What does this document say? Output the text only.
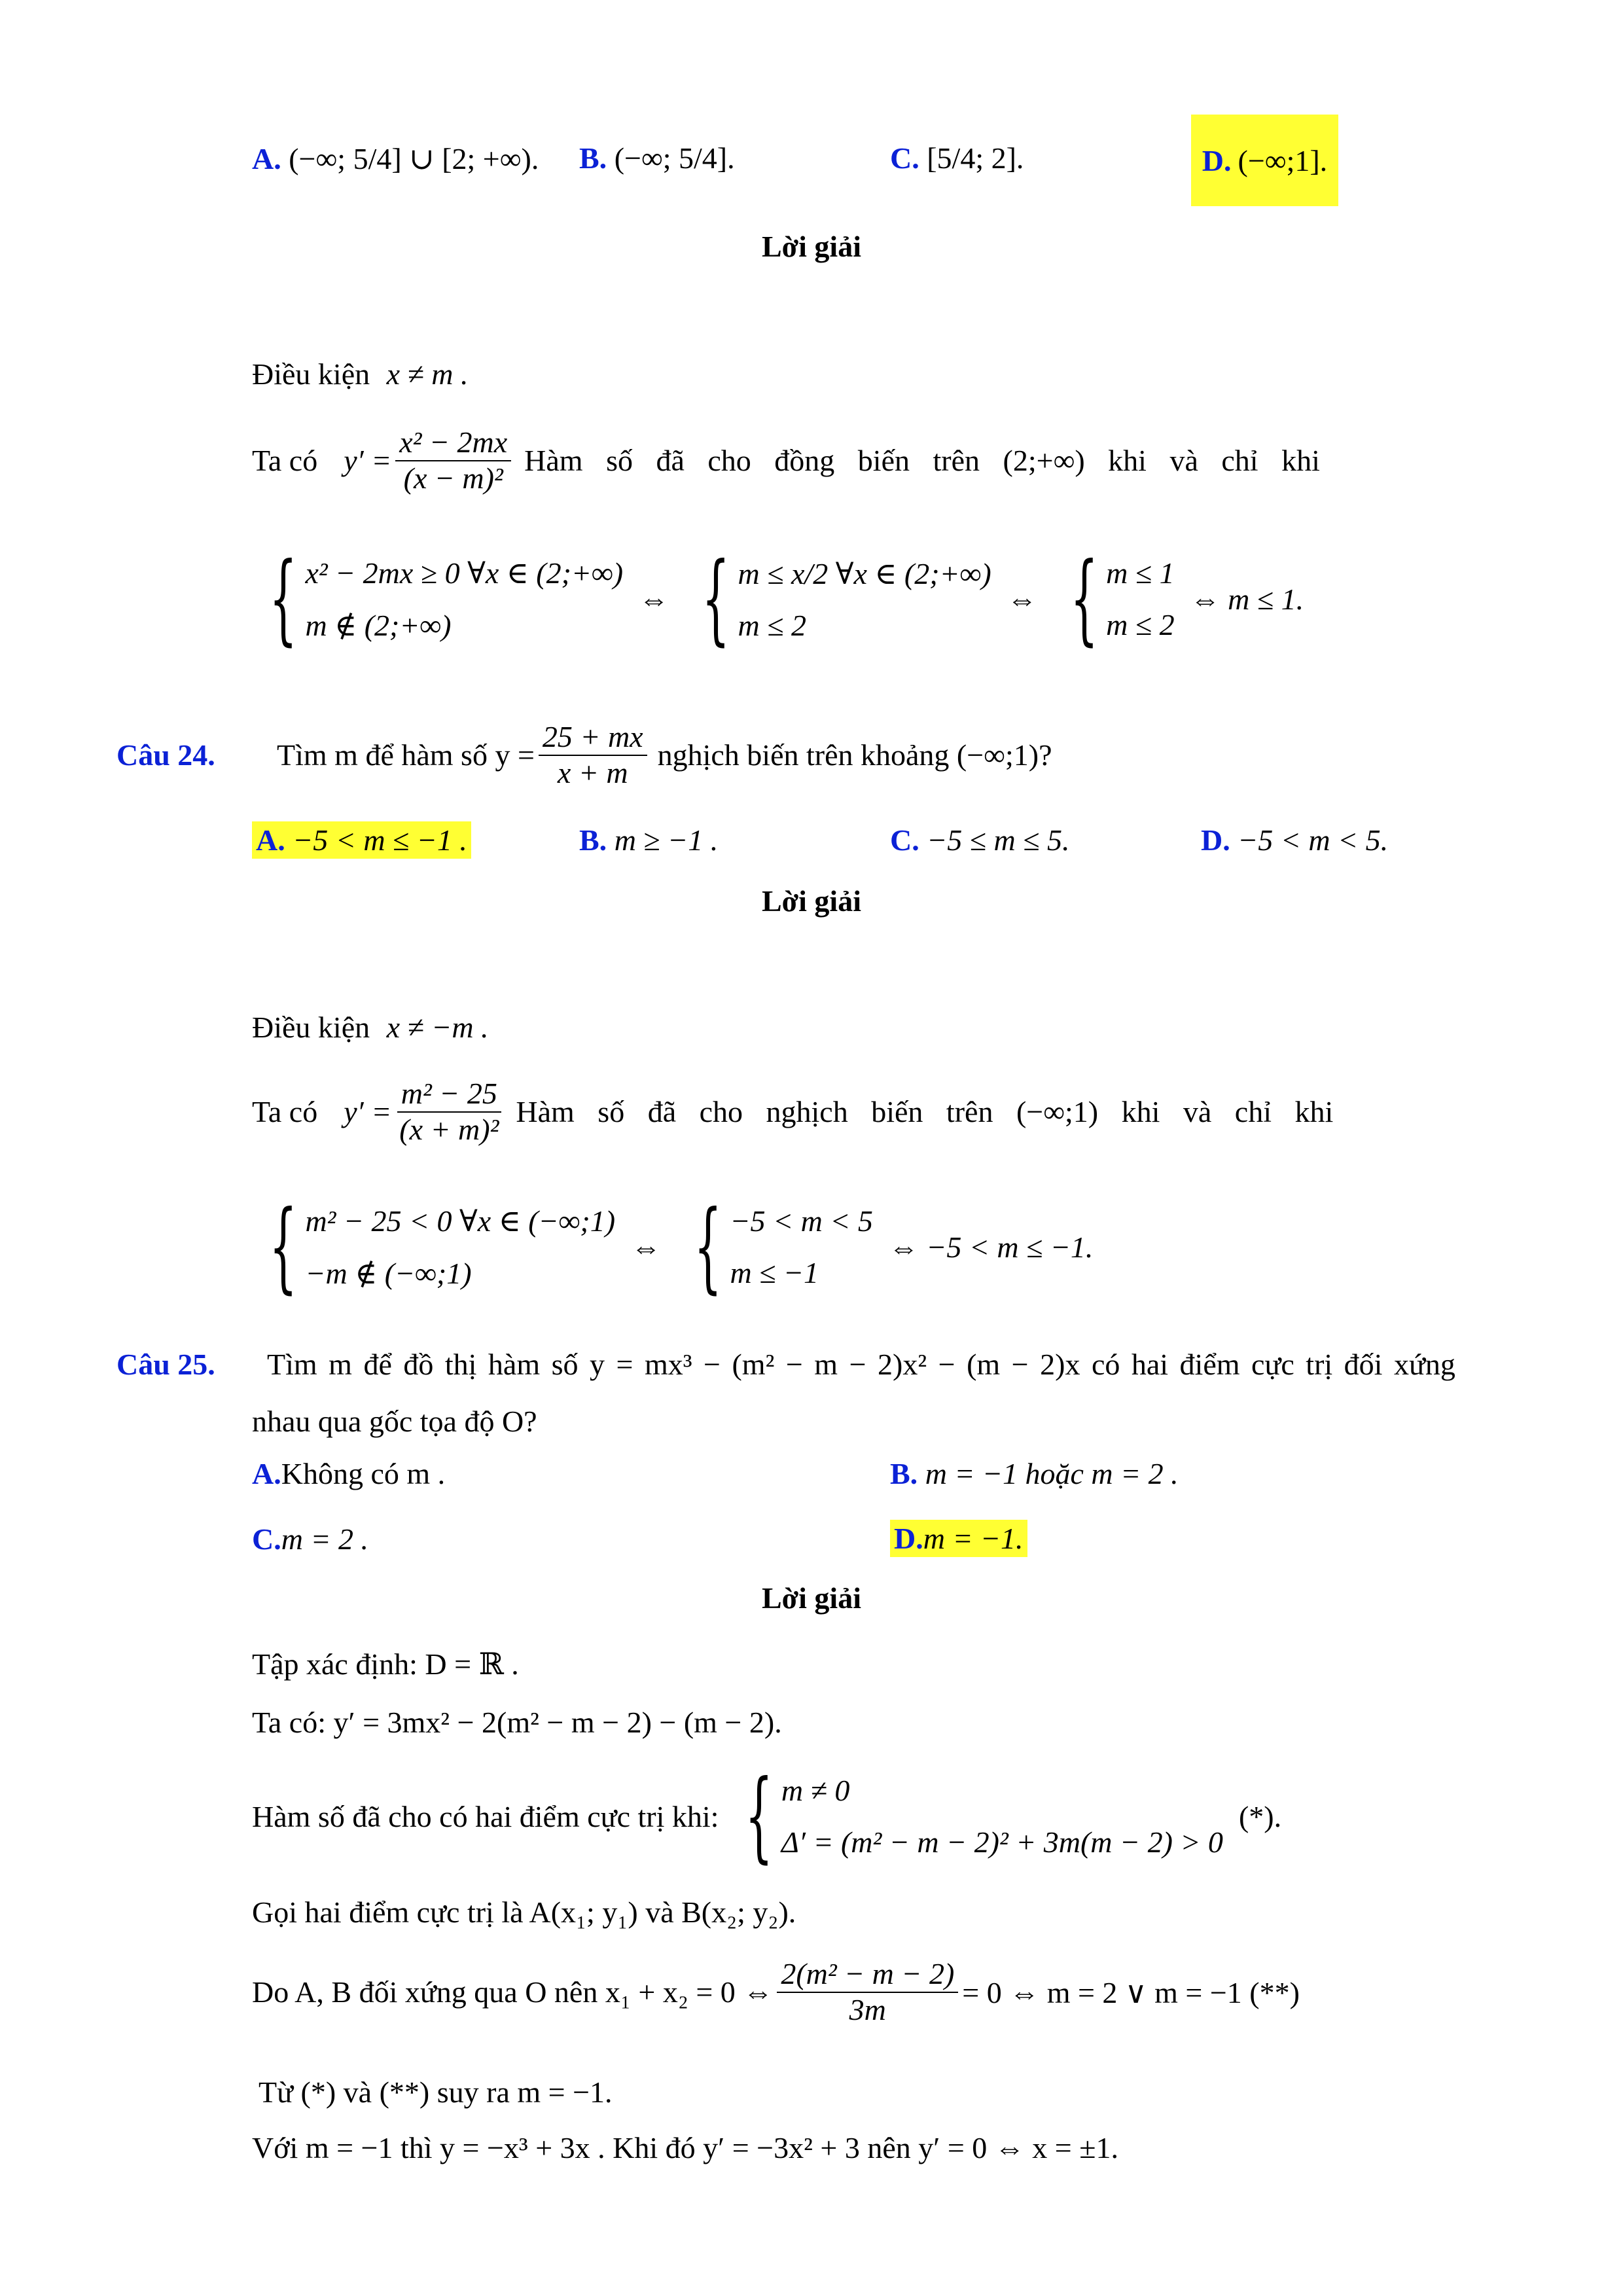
A. (−∞; 5/4] ∪ [2; +∞). B. (−∞; 5/4].	C. [5/4; 2].	D. (−∞;1].
Lời giải
Điều kiện x ≠ m .
Ta có $y' = \frac{\text{x² − 2mx}}{\text{(x − m)²}}$ Hàm số đã cho đồng biến trên (2;+∞) khi và chỉ khi
{ x² − 2mx ≥ 0 ∀x ∈ (2;+∞)
m ∉ (2;+∞)
⇔ { m ≤ x/2 ∀x ∈ (2;+∞)
m ≤ 2
⇔ { m ≤ 1
m ≤ 2
⇔ m ≤ 1.
Câu 24.	Tìm m để hàm số $y = \frac{25 + mx}{x + m}$ nghịch biến trên khoảng (−∞;1)?
A. −5 < m ≤ −1 .	B. m ≥ −1 .	C. −5 ≤ m ≤ 5.	D. −5 < m < 5.
Lời giải
Điều kiện x ≠ −m .
Ta có $y' = \frac{\text{m² − 25}}{\text{(x + m)²}}$ Hàm số đã cho nghịch biến trên (−∞;1) khi và chỉ khi
{ m² − 25 < 0 ∀x ∈ (−∞;1)
−m ∉ (−∞;1)
⇔ { −5 < m < 5
m ≤ −1
⇔ −5 < m ≤ −1.
Câu 25.	Tìm m để đồ thị hàm số y = mx³ − (m² − m − 2)x² − (m − 2)x có hai điểm cực trị đối xứng
nhau qua gốc tọa độ O?
A.Không có m .	B. m = −1 hoặc m = 2 .
C.m = 2 .	D.m = −1.
Lời giải
Tập xác định: D = ℝ .
Ta có: y′ = 3mx² − 2(m² − m − 2) − (m − 2).
Hàm số đã cho có hai điểm cực trị khi: { m ≠ 0
Δ′ = (m² − m − 2)² + 3m(m − 2) > 0
(*).
Gọi hai điểm cực trị là A(x₁; y₁) và B(x₂; y₂).
Do A, B đối xứng qua O nên x₁ + x₂ = 0 ⇔ $\frac{\text{2(m² − m − 2)}}{3m} = 0$ ⇔ m = 2 ∨ m = −1 (**)
Từ (*) và (**) suy ra m = −1.
Với m = −1 thì y = −x³ + 3x . Khi đó y′ = −3x² + 3 nên y′ = 0 ⇔ x = ±1.
